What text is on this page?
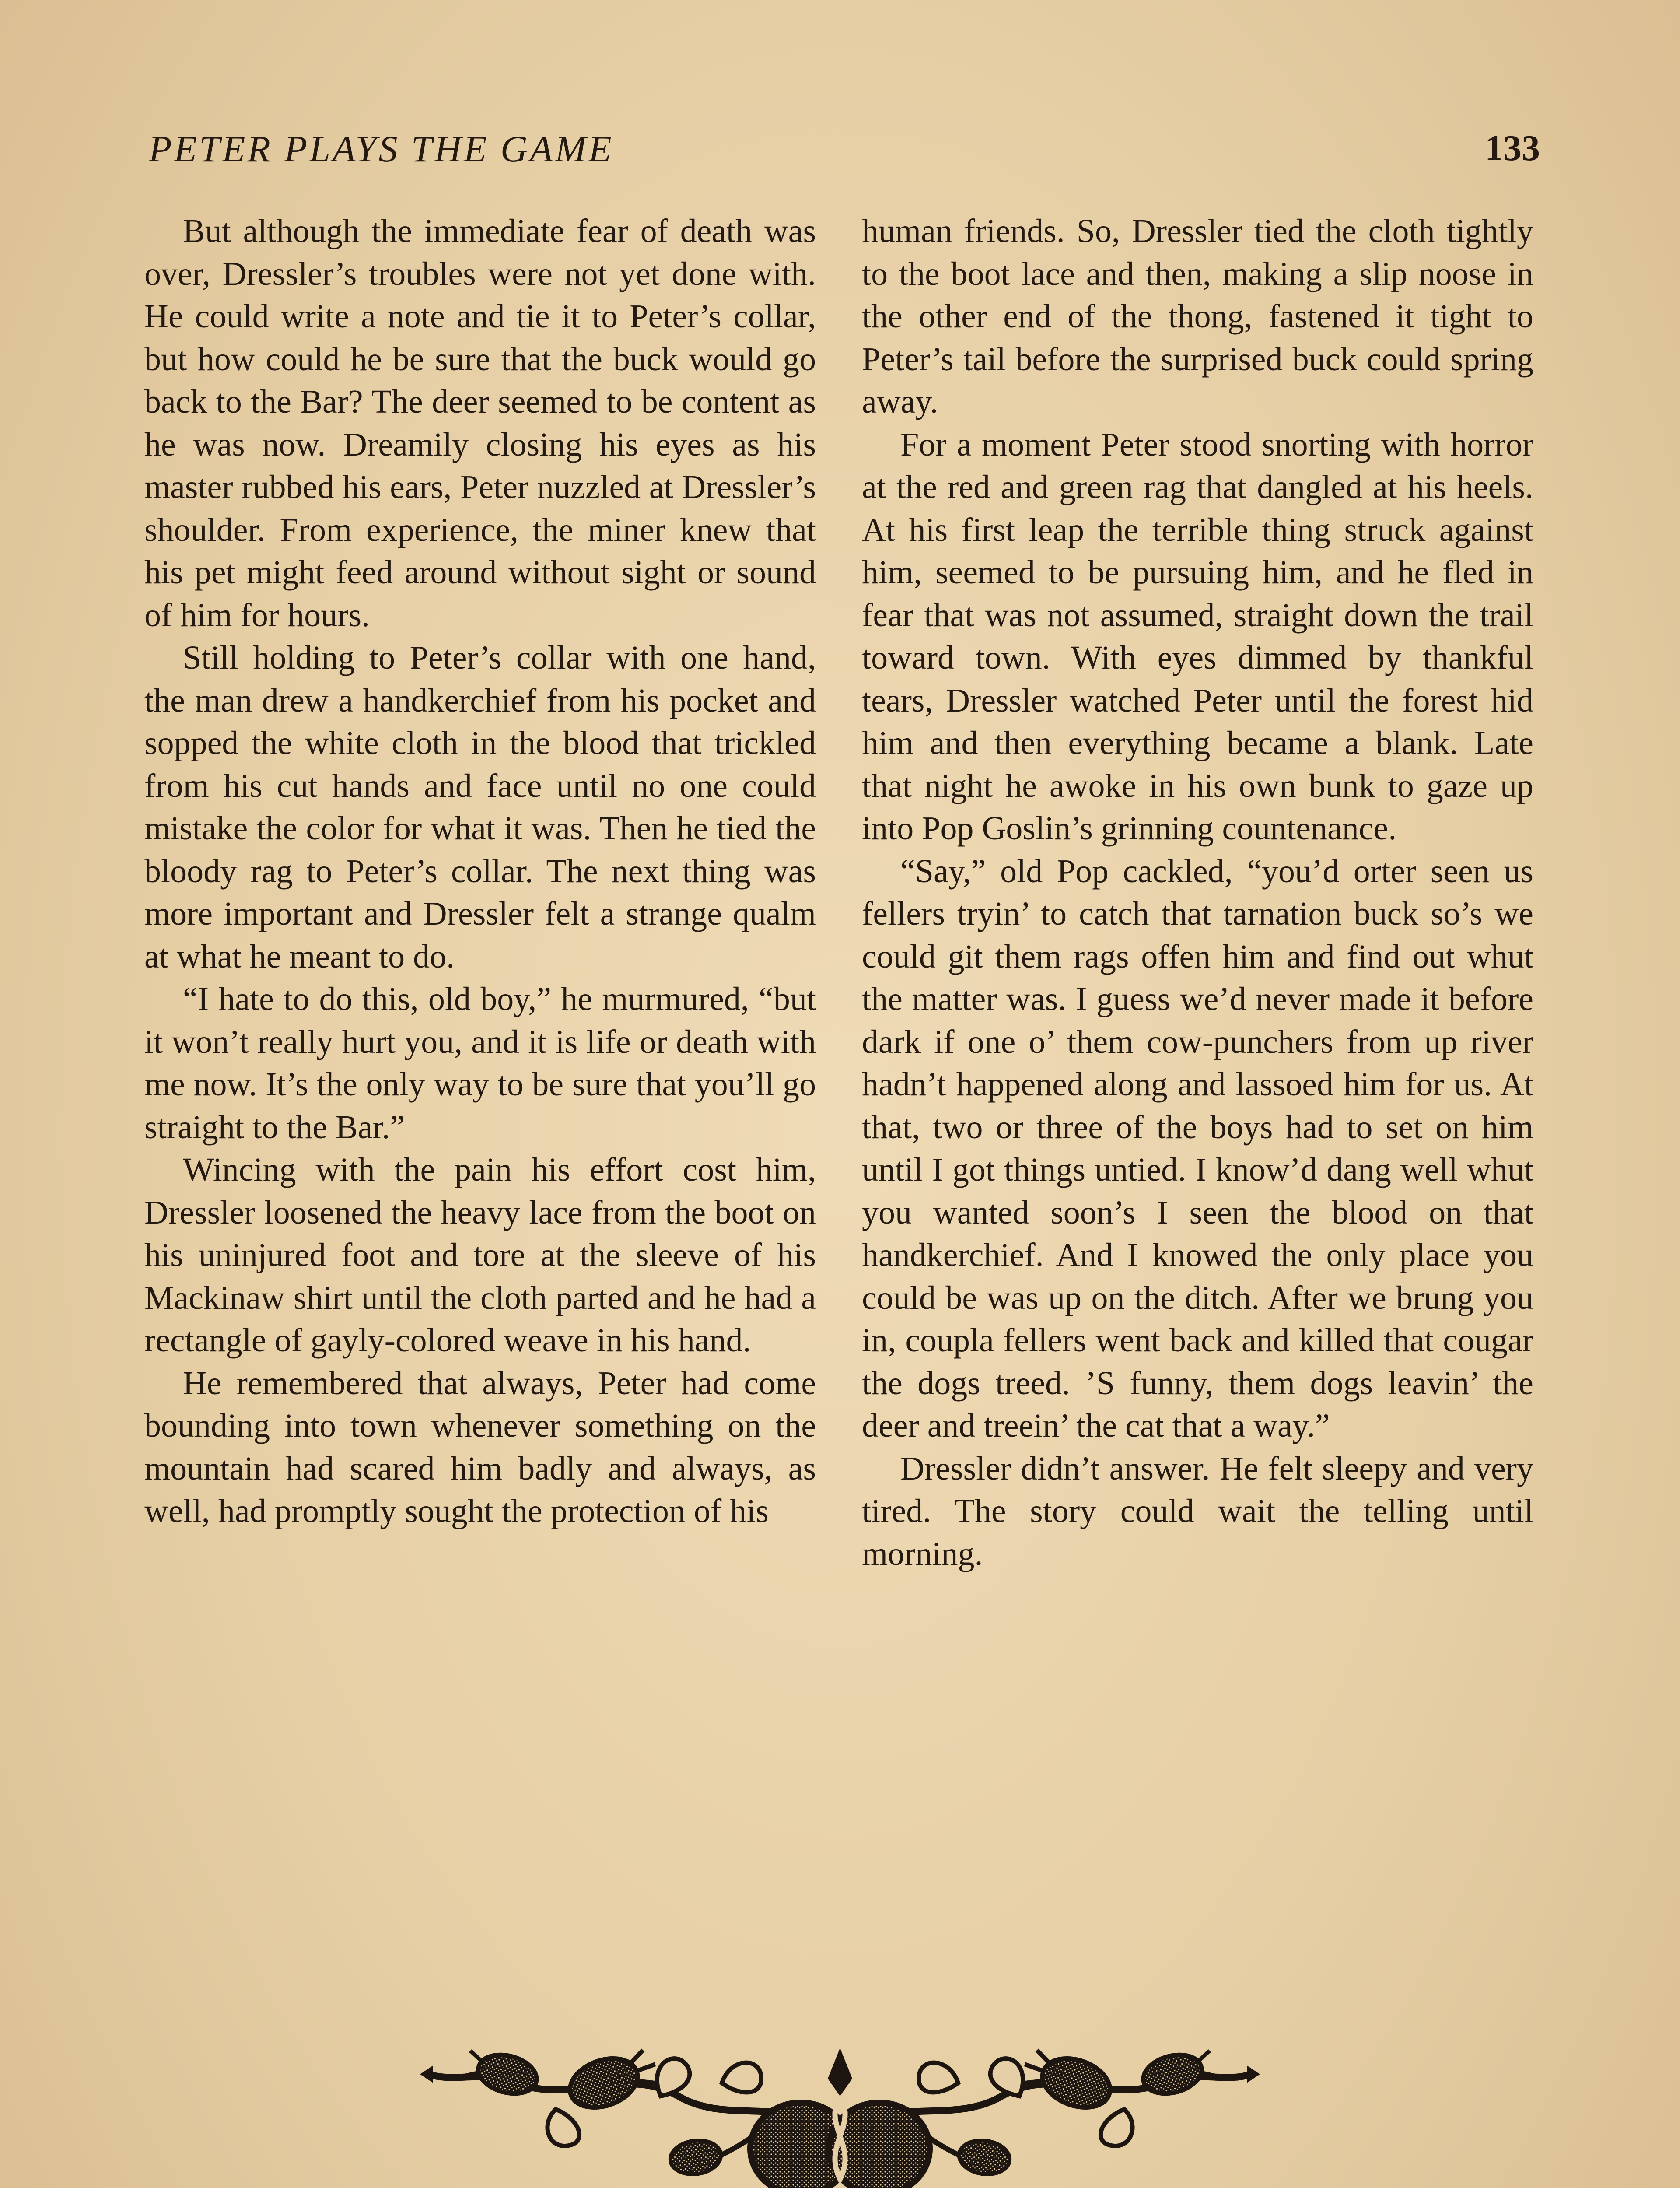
PETER PLAYS THE GAME	133

But although the immediate fear of death was over, Dressler’s troubles were not yet done with. He could write a note and tie it to Peter’s collar, but how could he be sure that the buck would go back to the Bar? The deer seemed to be content as he was now. Dreamily closing his eyes as his master rubbed his ears, Peter nuzzled at Dressler’s shoulder. From experience, the miner knew that his pet might feed around without sight or sound of him for hours.

Still holding to Peter’s collar with one hand, the man drew a handkerchief from his pocket and sopped the white cloth in the blood that trickled from his cut hands and face until no one could mistake the color for what it was. Then he tied the bloody rag to Peter’s collar. The next thing was more important and Dressler felt a strange qualm at what he meant to do.

“I hate to do this, old boy,” he murmured, “but it won’t really hurt you, and it is life or death with me now. It’s the only way to be sure that you’ll go straight to the Bar.”

Wincing with the pain his effort cost him, Dressler loosened the heavy lace from the boot on his uninjured foot and tore at the sleeve of his Mackinaw shirt until the cloth parted and he had a rectangle of gayly-colored weave in his hand.

He remembered that always, Peter had come bounding into town whenever something on the mountain had scared him badly and always, as well, had promptly sought the protection of his

human friends. So, Dressler tied the cloth tightly to the boot lace and then, making a slip noose in the other end of the thong, fastened it tight to Peter’s tail before the surprised buck could spring away.

For a moment Peter stood snorting with horror at the red and green rag that dangled at his heels. At his first leap the terrible thing struck against him, seemed to be pursuing him, and he fled in fear that was not assumed, straight down the trail toward town. With eyes dimmed by thankful tears, Dressler watched Peter until the forest hid him and then everything became a blank. Late that night he awoke in his own bunk to gaze up into Pop Goslin’s grinning countenance.

“Say,” old Pop cackled, “you’d orter seen us fellers tryin’ to catch that tarnation buck so’s we could git them rags offen him and find out whut the matter was. I guess we’d never made it before dark if one o’ them cow-punchers from up river hadn’t happened along and lassoed him for us. At that, two or three of the boys had to set on him until I got things untied. I know’d dang well whut you wanted soon’s I seen the blood on that handkerchief. And I knowed the only place you could be was up on the ditch. After we brung you in, coupla fellers went back and killed that cougar the dogs treed. ’S funny, them dogs leavin’ the deer and treein’ the cat that a way.”

Dressler didn’t answer. He felt sleepy and very tired. The story could wait the telling until morning.
